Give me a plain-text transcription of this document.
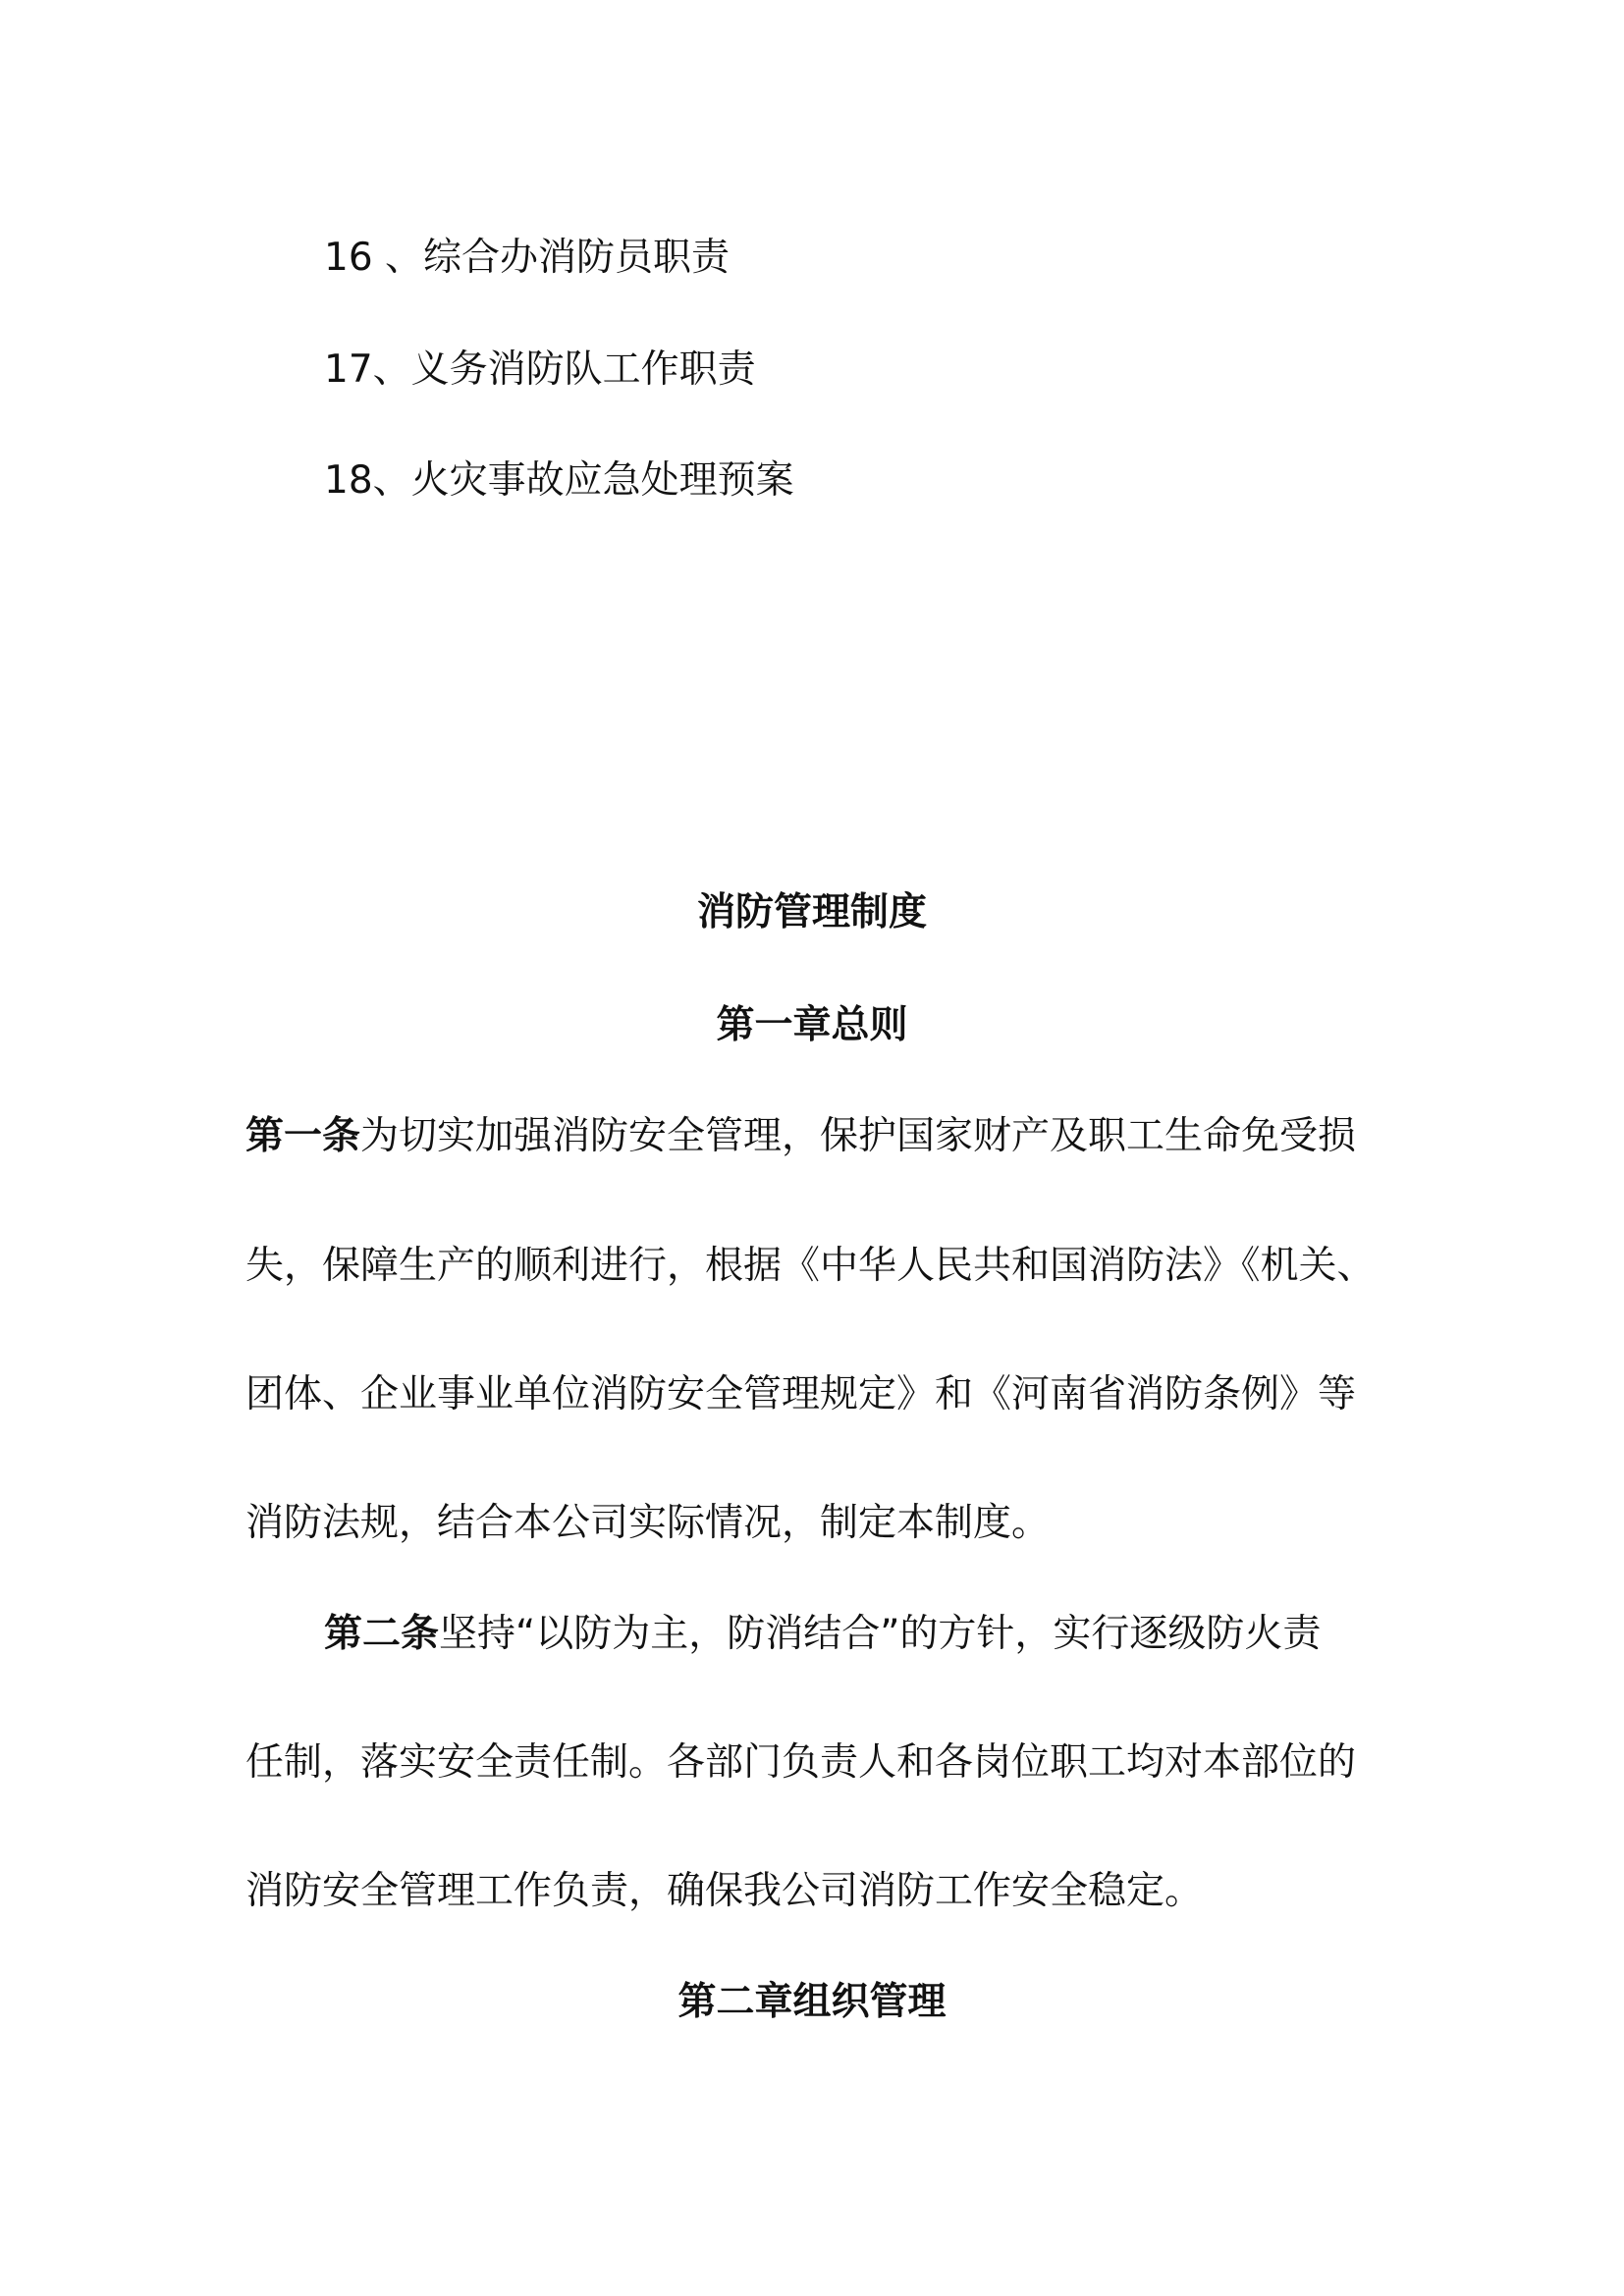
16 、综合办消防员职责
17、义务消防队工作职责
18、火灾事故应急处理预案
消防管理制度
第一章总则
第一条为切实加强消防安全管理，保护国家财产及职工生命免受损
失，保障生产的顺利进行，根据《中华人民共和国消防法》《机关、
团体、企业事业单位消防安全管理规定》和《河南省消防条例》等
消防法规，结合本公司实际情况，制定本制度。
第二条坚持“以防为主，防消结合”的方针，实行逐级防火责
任制，落实安全责任制。各部门负责人和各岗位职工均对本部位的
消防安全管理工作负责，确保我公司消防工作安全稳定。
第二章组织管理
